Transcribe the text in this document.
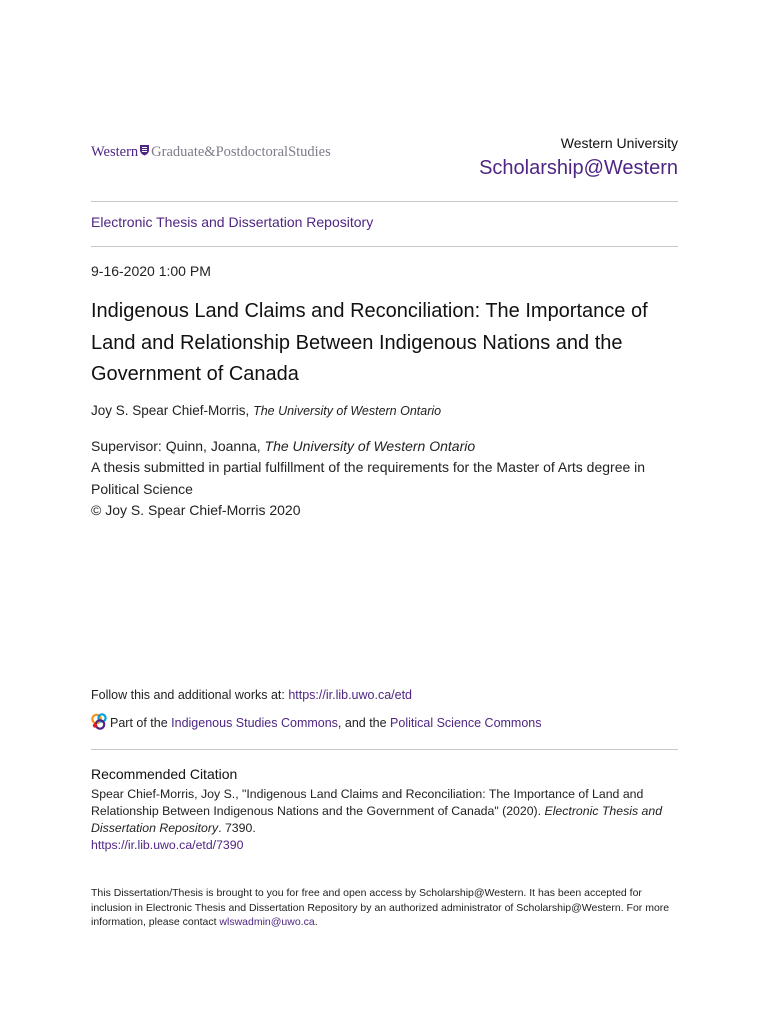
Western Graduate&PostdoctoralStudies
Western University
Scholarship@Western
Electronic Thesis and Dissertation Repository
9-16-2020 1:00 PM
Indigenous Land Claims and Reconciliation: The Importance of Land and Relationship Between Indigenous Nations and the Government of Canada
Joy S. Spear Chief-Morris, The University of Western Ontario
Supervisor: Quinn, Joanna, The University of Western Ontario
A thesis submitted in partial fulfillment of the requirements for the Master of Arts degree in Political Science
© Joy S. Spear Chief-Morris 2020
Follow this and additional works at: https://ir.lib.uwo.ca/etd
Part of the Indigenous Studies Commons , and the Political Science Commons
Recommended Citation
Spear Chief-Morris, Joy S., "Indigenous Land Claims and Reconciliation: The Importance of Land and Relationship Between Indigenous Nations and the Government of Canada" (2020). Electronic Thesis and Dissertation Repository. 7390.
https://ir.lib.uwo.ca/etd/7390
This Dissertation/Thesis is brought to you for free and open access by Scholarship@Western. It has been accepted for inclusion in Electronic Thesis and Dissertation Repository by an authorized administrator of Scholarship@Western. For more information, please contact wlswadmin@uwo.ca.
